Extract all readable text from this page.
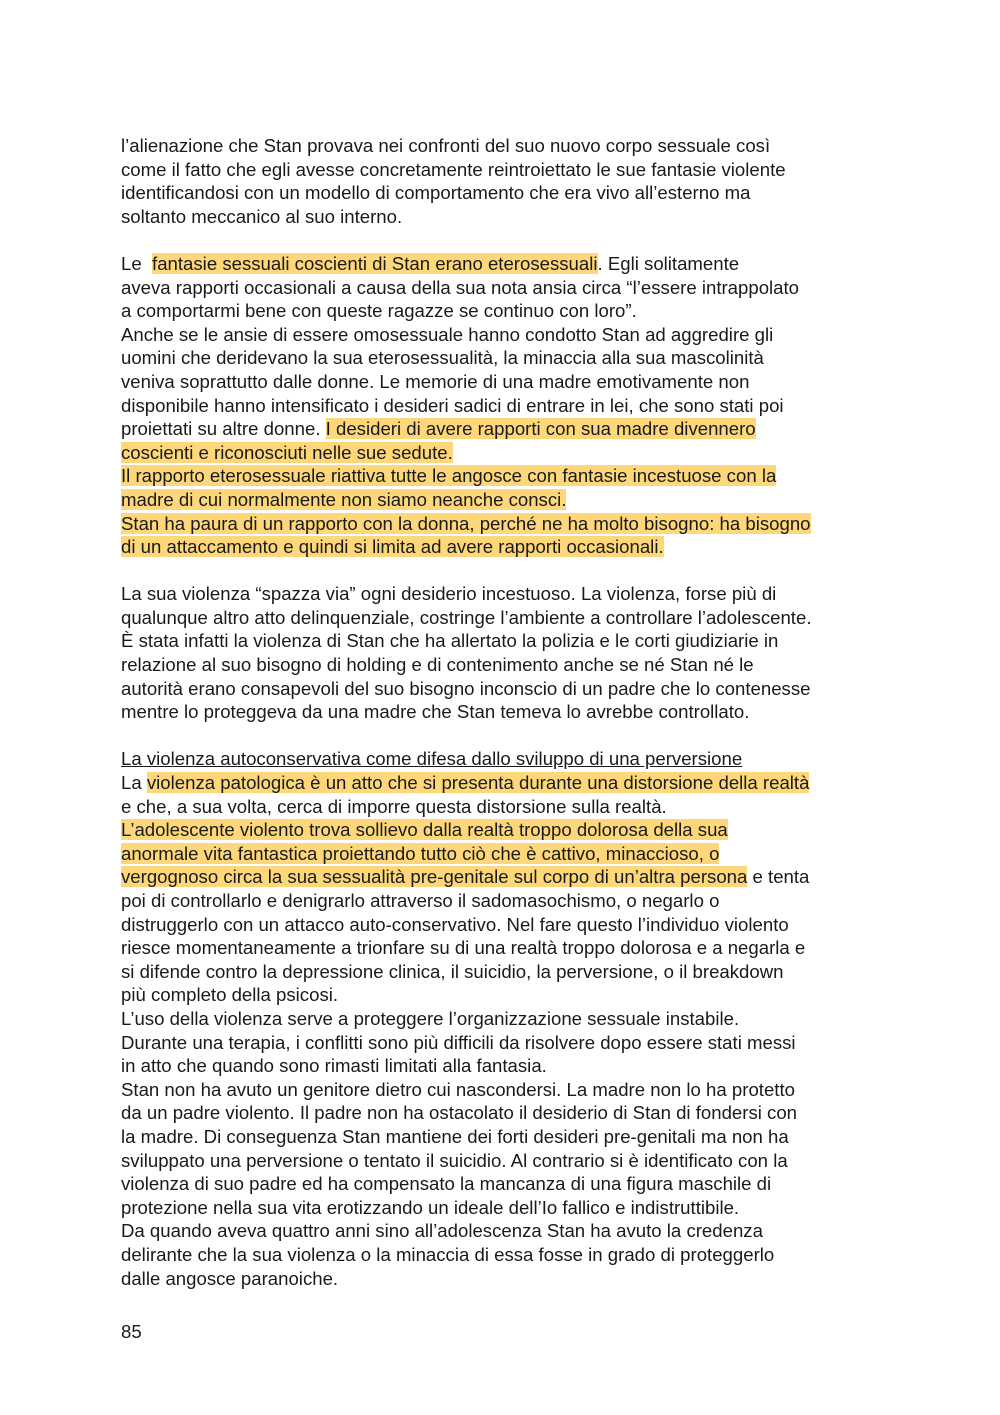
l’alienazione che Stan provava nei confronti del suo nuovo corpo sessuale così
come il fatto che egli avesse concretamente reintroiettato le sue fantasie violente
identificandosi con un modello di comportamento che era vivo all’esterno ma
soltanto meccanico al suo interno.
Le fantasie sessuali coscienti di Stan erano eterosessuali. Egli solitamente
aveva rapporti occasionali a causa della sua nota ansia circa “l’essere intrappolato
a comportarmi bene con queste ragazze se continuo con loro”.
Anche se le ansie di essere omosessuale hanno condotto Stan ad aggredire gli
uomini che deridevano la sua eterosessualità, la minaccia alla sua mascolinità
veniva soprattutto dalle donne. Le memorie di una madre emotivamente non
disponibile hanno intensificato i desideri sadici di entrare in lei, che sono stati poi
proiettati su altre donne. I desideri di avere rapporti con sua madre divennero
coscienti e riconosciuti nelle sue sedute.
Il rapporto eterosessuale riattiva tutte le angosce con fantasie incestuose con la
madre di cui normalmente non siamo neanche consci.
Stan ha paura di un rapporto con la donna, perché ne ha molto bisogno: ha bisogno
di un attaccamento e quindi si limita ad avere rapporti occasionali.
La sua violenza “spazza via” ogni desiderio incestuoso. La violenza, forse più di
qualunque altro atto delinquenziale, costringe l’ambiente a controllare l’adolescente.
È stata infatti la violenza di Stan che ha allertato la polizia e le corti giudiziarie in
relazione al suo bisogno di holding e di contenimento anche se né Stan né le
autorità erano consapevoli del suo bisogno inconscio di un padre che lo contenesse
mentre lo proteggeva da una madre che Stan temeva lo avrebbe controllato.
La violenza autoconservativa come difesa dallo sviluppo di una perversione
La violenza patologica è un atto che si presenta durante una distorsione della realtà
e che, a sua volta, cerca di imporre questa distorsione sulla realtà.
L’adolescente violento trova sollievo dalla realtà troppo dolorosa della sua
anormale vita fantastica proiettando tutto ciò che è cattivo, minaccioso, o
vergognoso circa la sua sessualità pre-genitale sul corpo di un’altra persona e tenta
poi di controllarlo e denigrarlo attraverso il sadomasochismo, o negarlo o
distruggerlo con un attacco auto-conservativo. Nel fare questo l’individuo violento
riesce momentaneamente a trionfare su di una realtà troppo dolorosa e a negarla e
si difende contro la depressione clinica, il suicidio, la perversione, o il breakdown
più completo della psicosi.
L’uso della violenza serve a proteggere l’organizzazione sessuale instabile.
Durante una terapia, i conflitti sono più difficili da risolvere dopo essere stati messi
in atto che quando sono rimasti limitati alla fantasia.
Stan non ha avuto un genitore dietro cui nascondersi. La madre non lo ha protetto
da un padre violento. Il padre non ha ostacolato il desiderio di Stan di fondersi con
la madre. Di conseguenza Stan mantiene dei forti desideri pre-genitali ma non ha
sviluppato una perversione o tentato il suicidio. Al contrario si è identificato con la
violenza di suo padre ed ha compensato la mancanza di una figura maschile di
protezione nella sua vita erotizzando un ideale dell’Io fallico e indistruttibile.
Da quando aveva quattro anni sino all’adolescenza Stan ha avuto la credenza
delirante che la sua violenza o la minaccia di essa fosse in grado di proteggerlo
dalle angosce paranoiche.
85
